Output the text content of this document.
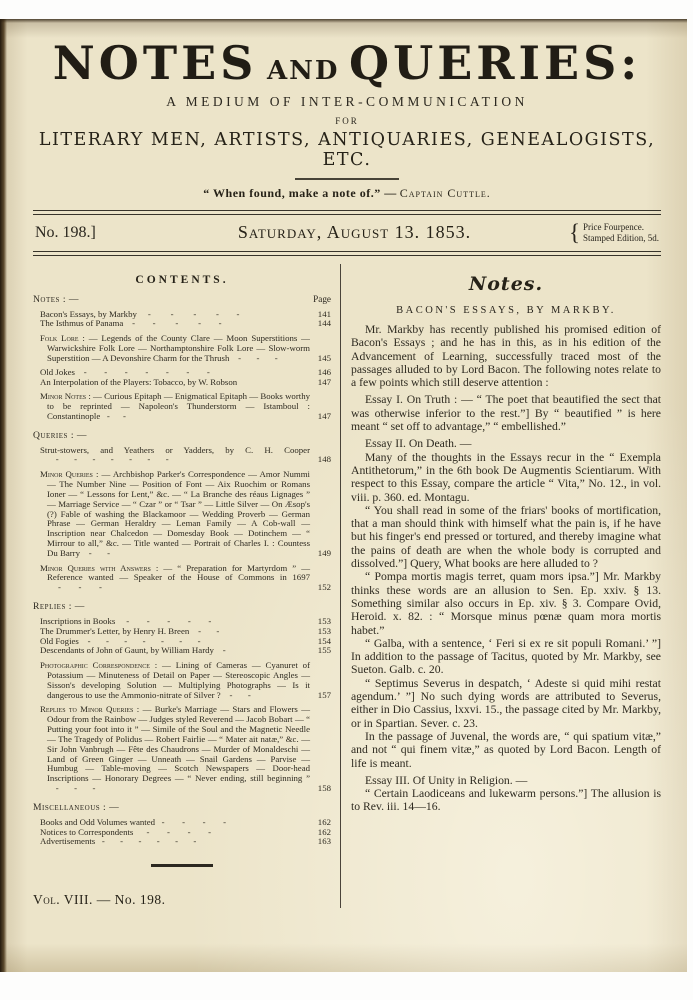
NOTES AND QUERIES:
A MEDIUM OF INTER-COMMUNICATION
FOR
LITERARY MEN, ARTISTS, ANTIQUARIES, GENEALOGISTS, ETC.
“ When found, make a note of.” — Captain Cuttle.
No. 198.]	Saturday, August 13. 1853.	{ Price Fourpence.
Stamped Edition, 5d.
CONTENTS.
Notes : —	Page
Bacon's Essays, by Markby     -         -         -         -        -	141
The Isthmus of Panama    -        -         -         -        -	144
Folk Lore : — Legends of the County Clare — Moon Superstitions — Warwickshire Folk Lore — Northamptonshire Folk Lore — Slow-worm Superstition — A Devonshire Charm for the Thrush    -       -       -	145
Old Jokes    -        -        -        -        -        -        -	146
An Interpolation of the Players: Tobacco, by W. Robson	147
Minor Notes : — Curious Epitaph — Enigmatical Epitaph — Books worthy to be reprinted — Napoleon's Thunderstorm — Istamboul : Constantinople   -      -	147
Queries : —
Strut-stowers, and Yeathers or Yadders, by C. H. Cooper    -       -       -       -       -       -       -	148
Minor Queries : — Archbishop Parker's Correspondence — Amor Nummi — The Number Nine — Position of Font — Aix Ruochim or Romans Ioner — “ Lessons for Lent,” &c. — “ La Branche des réaus Lignages ” — Marriage Service — “ Czar ” or “ Tsar ” — Little Silver — On Æsop's (?) Fable of washing the Blackamoor — Wedding Proverb — German Phrase — German Heraldry — Leman Family — A Cob-wall — Inscription near Chalcedon — Domesday Book — Dotinchem — “ Mirrour to all,” &c. — Title wanted — Portrait of Charles I. : Countess Du Barry    -       -	149
Minor Queries with Answers : — “ Preparation for Martyrdom ” — Reference wanted — Speaker of the House of Commons in 1697     -        -        -	152
Replies : —
Inscriptions in Books     -        -        -        -        -	153
The Drummer's Letter, by Henry H. Breen    -       -	153
Old Fogies    -       -       -       -       -       -       -	154
Descendants of John of Gaunt, by William Hardy    -	155
Photographic Correspondence : — Lining of Cameras — Cyanuret of Potassium — Minuteness of Detail on Paper — Stereoscopic Angles — Sisson's developing Solution — Multiplying Photographs — Is it dangerous to use the Ammonio-nitrate of Silver ?    -       -	157
Replies to Minor Queries : — Burke's Marriage — Stars and Flowers — Odour from the Rainbow — Judges styled Reverend — Jacob Bobart — “ Putting your foot into it ” — Simile of the Soul and the Magnetic Needle — The Tragedy of Polidus — Robert Fairlie — “ Mater ait natæ,” &c. — Sir John Vanbrugh — Fête des Chaudrons — Murder of Monaldeschi — Land of Green Ginger — Unneath — Snail Gardens — Parvise — Humbug — Table-moving — Scotch Newspapers — Door-head Inscriptions — Honorary Degrees — “ Never ending, still beginning ”    -       -       -	158
Miscellaneous : —
Books and Odd Volumes wanted   -        -        -        -	162
Notices to Correspondents      -        -        -        -	162
Advertisements   -       -       -       -       -       -	163
Vol. VIII. — No. 198.
Notes.
BACON'S ESSAYS, BY MARKBY.

Mr. Markby has recently published his promised edition of Bacon's Essays ; and he has in this, as in his edition of the Advancement of Learning, successfully traced most of the passages alluded to by Lord Bacon. The following notes relate to a few points which still deserve attention :

Essay I. On Truth : — “ The poet that beautified the sect that was otherwise inferior to the rest.”] By “ beautified ” is here meant “ set off to advantage,” “ embellished.”

Essay II. On Death. —

Many of the thoughts in the Essays recur in the “ Exempla Antithetorum,” in the 6th book De Augmentis Scientiarum. With respect to this Essay, compare the article “ Vita,” No. 12., in vol. viii. p. 360. ed. Montagu.

“ You shall read in some of the friars' books of mortification, that a man should think with himself what the pain is, if he have but his finger's end pressed or tortured, and thereby imagine what the pains of death are when the whole body is corrupted and dissolved.”] Query, What books are here alluded to ?

“ Pompa mortis magis terret, quam mors ipsa.”] Mr. Markby thinks these words are an allusion to Sen. Ep. xxiv. § 13. Something similar also occurs in Ep. xiv. § 3. Compare Ovid, Heroid. x. 82. : “ Morsque minus pœnæ quam mora mortis habet.”

“ Galba, with a sentence, ‘ Feri si ex re sit populi Romani.’ ”] In addition to the passage of Tacitus, quoted by Mr. Markby, see Sueton. Galb. c. 20.

“ Septimus Severus in despatch, ‘ Adeste si quid mihi restat agendum.’ ”] No such dying words are attributed to Severus, either in Dio Cassius, lxxvi. 15., the passage cited by Mr. Markby, or in Spartian. Sever. c. 23.

In the passage of Juvenal, the words are, “ qui spatium vitæ,” and not “ qui finem vitæ,” as quoted by Lord Bacon. Length of life is meant.

Essay III. Of Unity in Religion. —

“ Certain Laodiceans and lukewarm persons.”] The allusion is to Rev. iii. 14—16.
